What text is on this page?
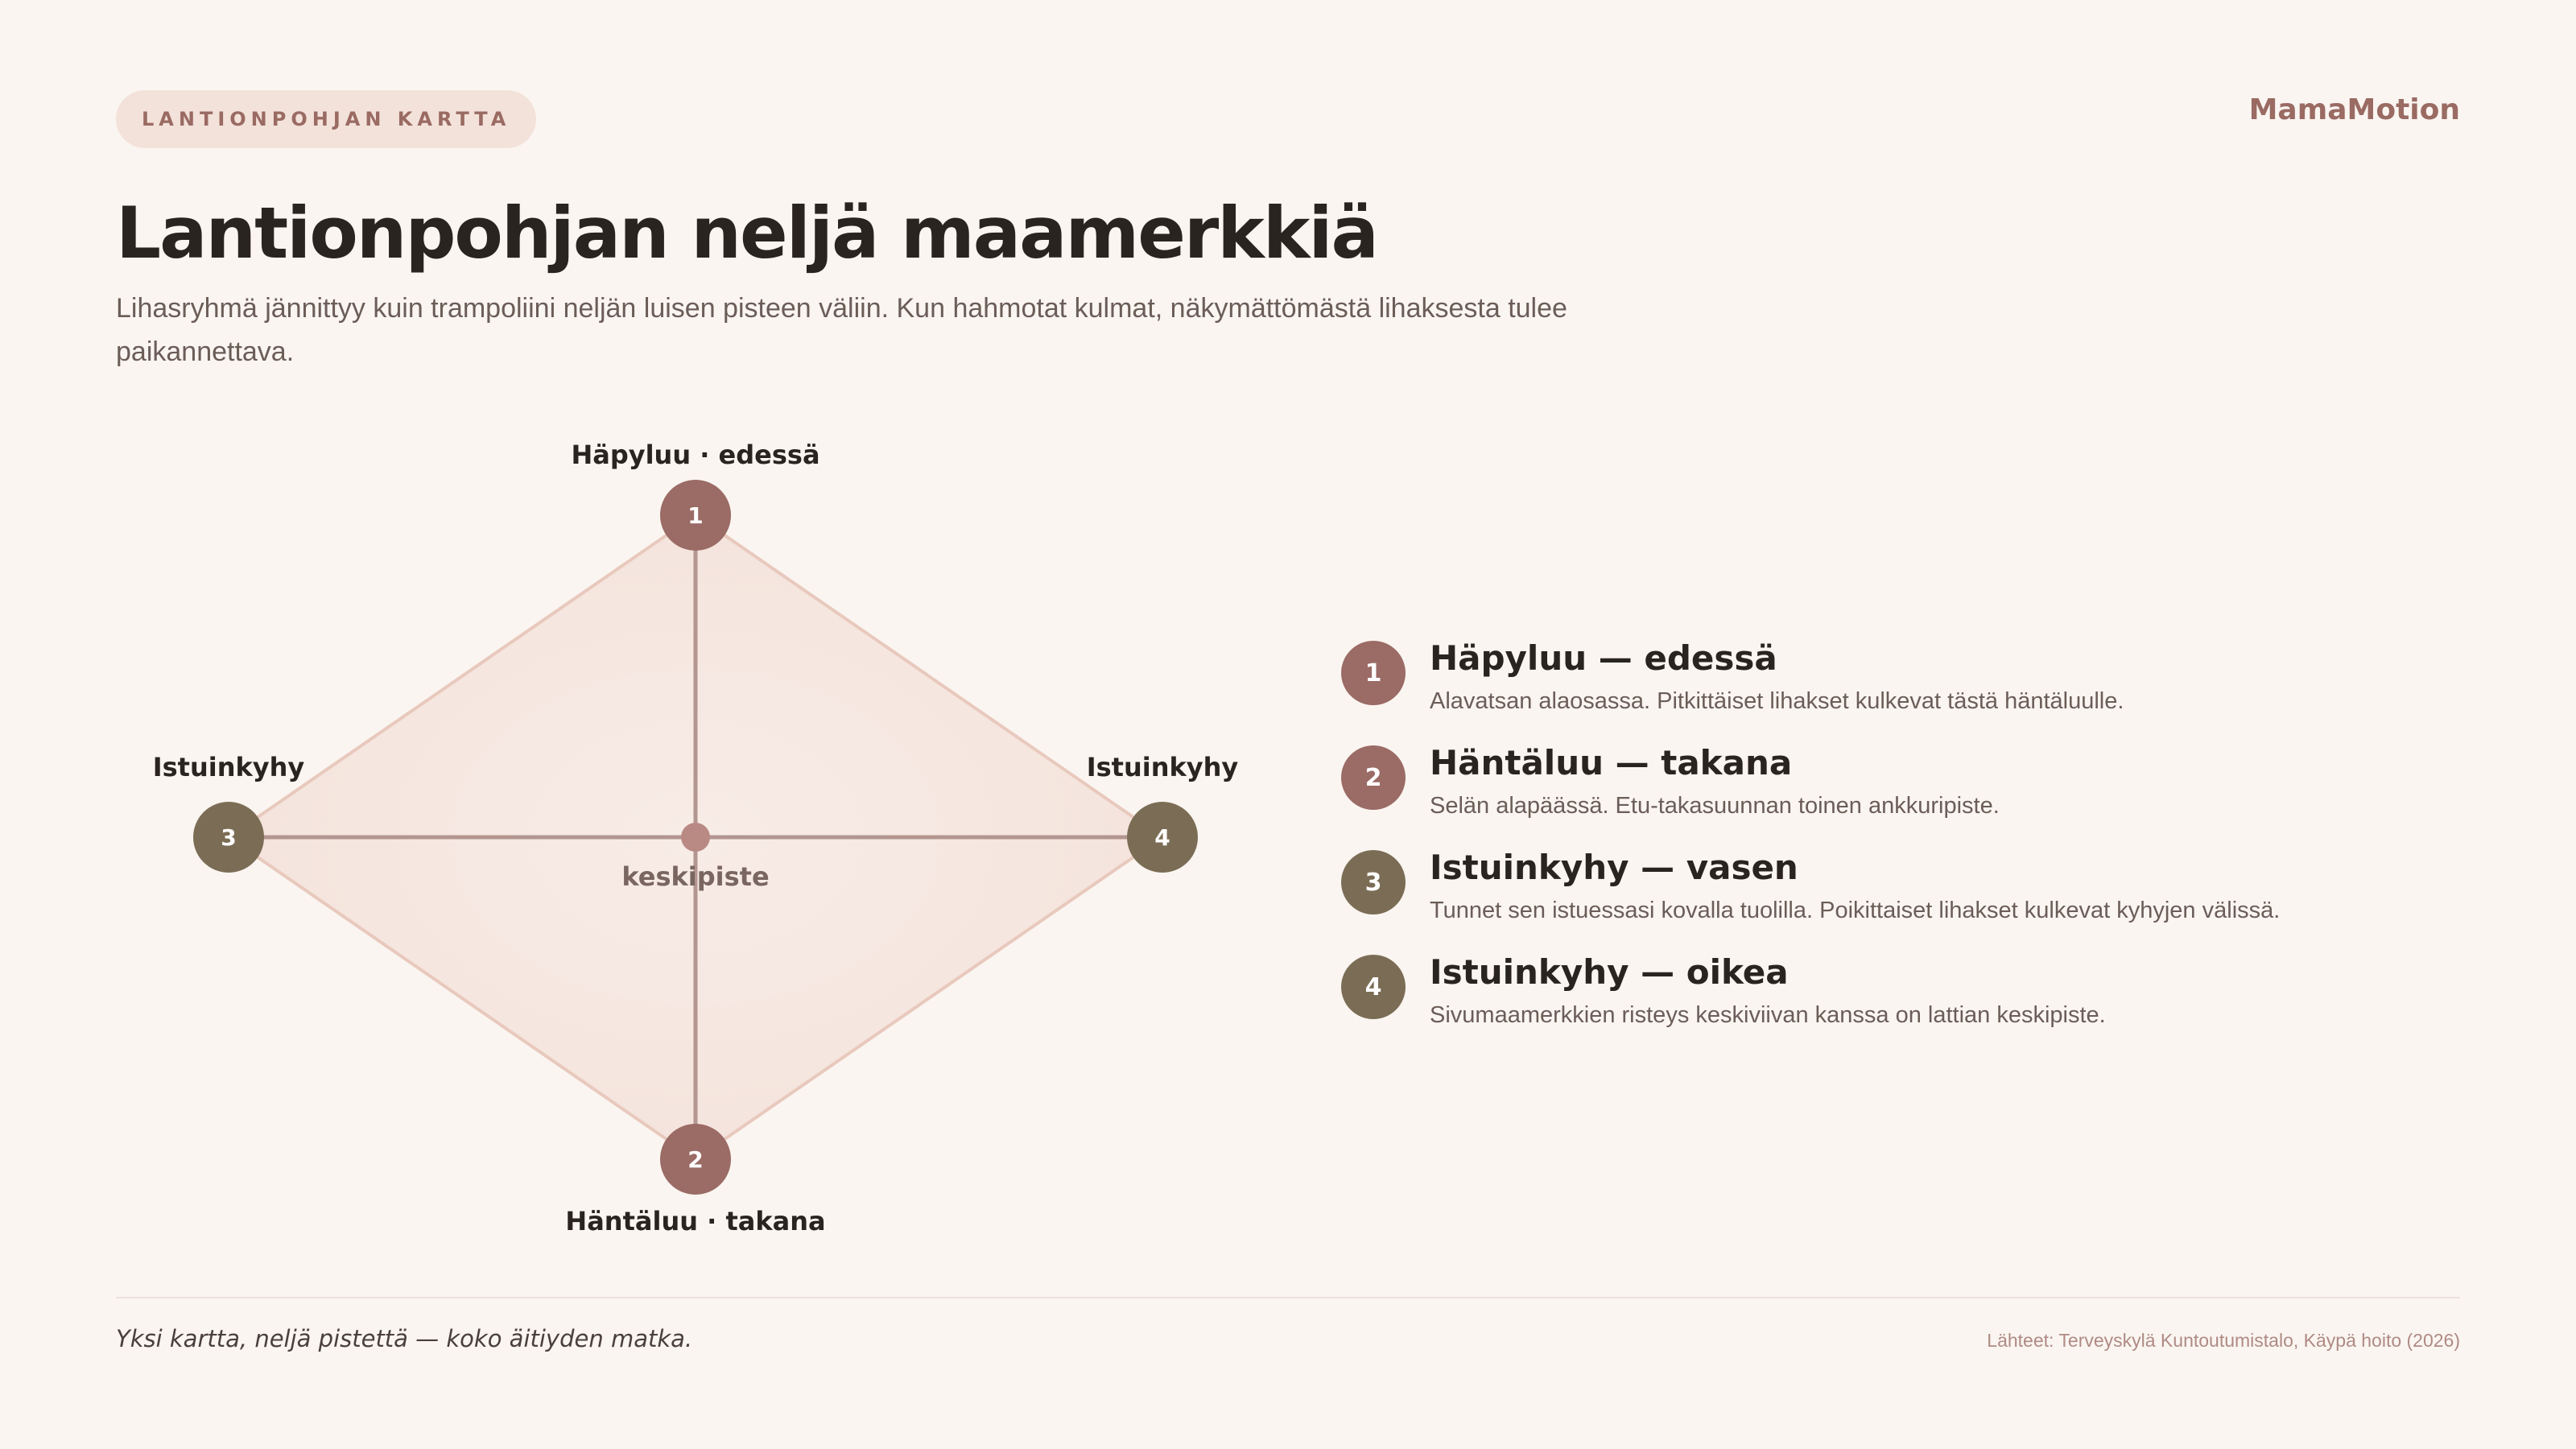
LANTIONPOHJAN KARTTA	MamaMotion
Lantionpohjan neljä maamerkkiä

Lihasryhmä jännittyy kuin trampoliini neljän luisen pisteen väliin. Kun hahmotat kulmat, näkymättömästä lihaksesta tulee paikannettava.

keskipiste
Häpyluu · edessä
1
2
Häntäluu · takana
Istuinkyhy
3
Istuinkyhy
4
1	Häpyluu — edessä
Alavatsan alaosassa. Pitkittäiset lihakset kulkevat tästä häntäluulle.
2	Häntäluu — takana
Selän alapäässä. Etu-takasuunnan toinen ankkuripiste.
3	Istuinkyhy — vasen
Tunnet sen istuessasi kovalla tuolilla. Poikittaiset lihakset kulkevat kyhyjen välissä.
4	Istuinkyhy — oikea
Sivumaamerkkien risteys keskiviivan kanssa on lattian keskipiste.
Yksi kartta, neljä pistettä — koko äitiyden matka.	Lähteet: Terveyskylä Kuntoutumistalo, Käypä hoito (2026)
